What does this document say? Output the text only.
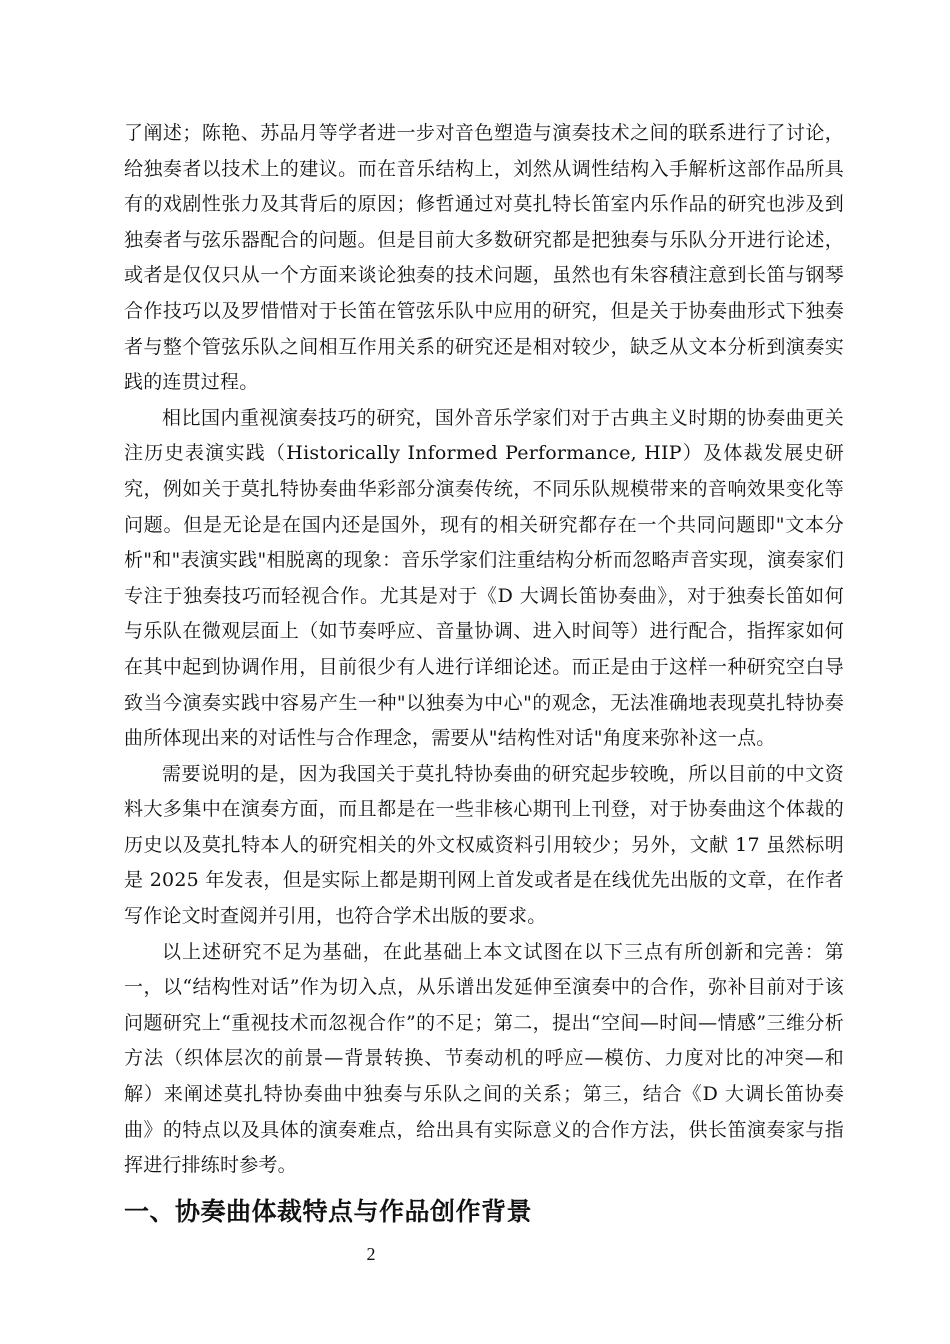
了阐述；陈艳、苏品月等学者进一步对音色塑造与演奏技术之间的联系进行了讨论，给独奏者以技术上的建议。而在音乐结构上，刘然从调性结构入手解析这部作品所具有的戏剧性张力及其背后的原因；修哲通过对莫扎特长笛室内乐作品的研究也涉及到独奏者与弦乐器配合的问题。但是目前大多数研究都是把独奏与乐队分开进行论述，或者是仅仅只从一个方面来谈论独奏的技术问题，虽然也有朱容積注意到长笛与钢琴合作技巧以及罗惜惜对于长笛在管弦乐队中应用的研究，但是关于协奏曲形式下独奏者与整个管弦乐队之间相互作用关系的研究还是相对较少，缺乏从文本分析到演奏实践的连贯过程。

相比国内重视演奏技巧的研究，国外音乐学家们对于古典主义时期的协奏曲更关注历史表演实践（Historically Informed Performance, HIP）及体裁发展史研究，例如关于莫扎特协奏曲华彩部分演奏传统，不同乐队规模带来的音响效果变化等问题。但是无论是在国内还是国外，现有的相关研究都存在一个共同问题即"文本分析"和"表演实践"相脱离的现象：音乐学家们注重结构分析而忽略声音实现，演奏家们专注于独奏技巧而轻视合作。尤其是对于《D 大调长笛协奏曲》，对于独奏长笛如何与乐队在微观层面上（如节奏呼应、音量协调、进入时间等）进行配合，指挥家如何在其中起到协调作用，目前很少有人进行详细论述。而正是由于这样一种研究空白导致当今演奏实践中容易产生一种"以独奏为中心"的观念，无法准确地表现莫扎特协奏曲所体现出来的对话性与合作理念，需要从"结构性对话"角度来弥补这一点。

需要说明的是，因为我国关于莫扎特协奏曲的研究起步较晚，所以目前的中文资料大多集中在演奏方面，而且都是在一些非核心期刊上刊登，对于协奏曲这个体裁的历史以及莫扎特本人的研究相关的外文权威资料引用较少；另外，文献 17 虽然标明是 2025 年发表，但是实际上都是期刊网上首发或者是在线优先出版的文章，在作者写作论文时查阅并引用，也符合学术出版的要求。

以上述研究不足为基础，在此基础上本文试图在以下三点有所创新和完善：第一，以“结构性对话”作为切入点，从乐谱出发延伸至演奏中的合作，弥补目前对于该问题研究上“重视技术而忽视合作”的不足；第二，提出“空间—时间—情感”三维分析方法（织体层次的前景—背景转换、节奏动机的呼应—模仿、力度对比的冲突—和解）来阐述莫扎特协奏曲中独奏与乐队之间的关系；第三，结合《D 大调长笛协奏曲》的特点以及具体的演奏难点，给出具有实际意义的合作方法，供长笛演奏家与指挥进行排练时参考。

一、协奏曲体裁特点与作品创作背景
2
